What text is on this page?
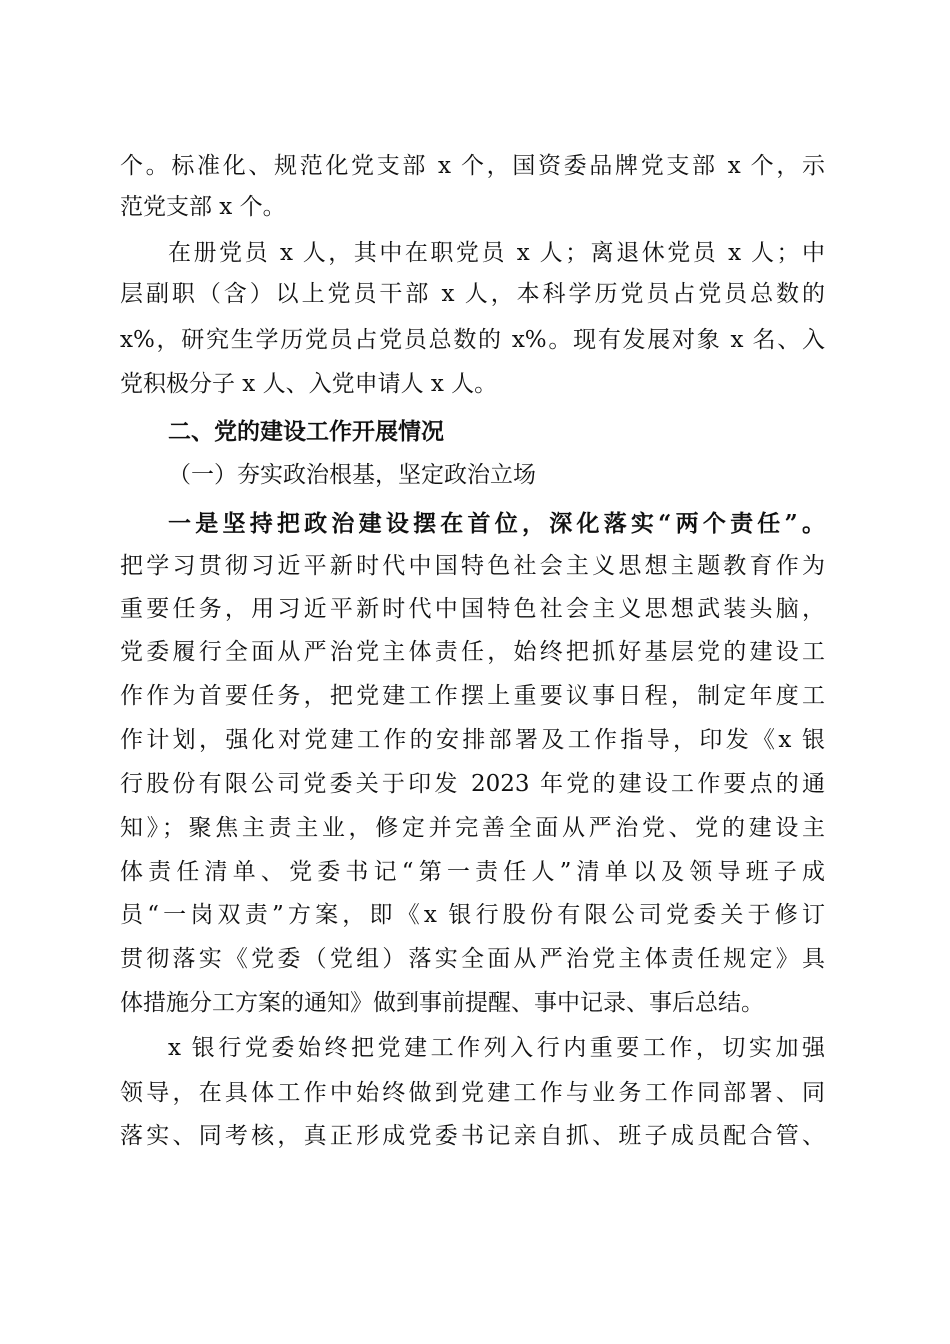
个。标准化、规范化党支部 x 个，国资委品牌党支部 x 个，示
范党支部 x 个。
在册党员 x 人，其中在职党员 x 人；离退休党员 x 人；中
层副职（含）以上党员干部 x 人，本科学历党员占党员总数的
x%，研究生学历党员占党员总数的 x%。现有发展对象 x 名、入
党积极分子 x 人、入党申请人 x 人。
二、党的建设工作开展情况
（一）夯实政治根基，坚定政治立场
一是坚持把政治建设摆在首位，深化落实“两个责任”。
把学习贯彻习近平新时代中国特色社会主义思想主题教育作为
重要任务，用习近平新时代中国特色社会主义思想武装头脑，
党委履行全面从严治党主体责任，始终把抓好基层党的建设工
作作为首要任务，把党建工作摆上重要议事日程，制定年度工
作计划，强化对党建工作的安排部署及工作指导，印发《x 银
行股份有限公司党委关于印发 2023 年党的建设工作要点的通
知》；聚焦主责主业，修定并完善全面从严治党、党的建设主
体责任清单、党委书记“第一责任人”清单以及领导班子成
员“一岗双责”方案，即《x 银行股份有限公司党委关于修订
贯彻落实《党委（党组）落实全面从严治党主体责任规定》具
体措施分工方案的通知》做到事前提醒、事中记录、事后总结。
x 银行党委始终把党建工作列入行内重要工作，切实加强
领导，在具体工作中始终做到党建工作与业务工作同部署、同
落实、同考核，真正形成党委书记亲自抓、班子成员配合管、
